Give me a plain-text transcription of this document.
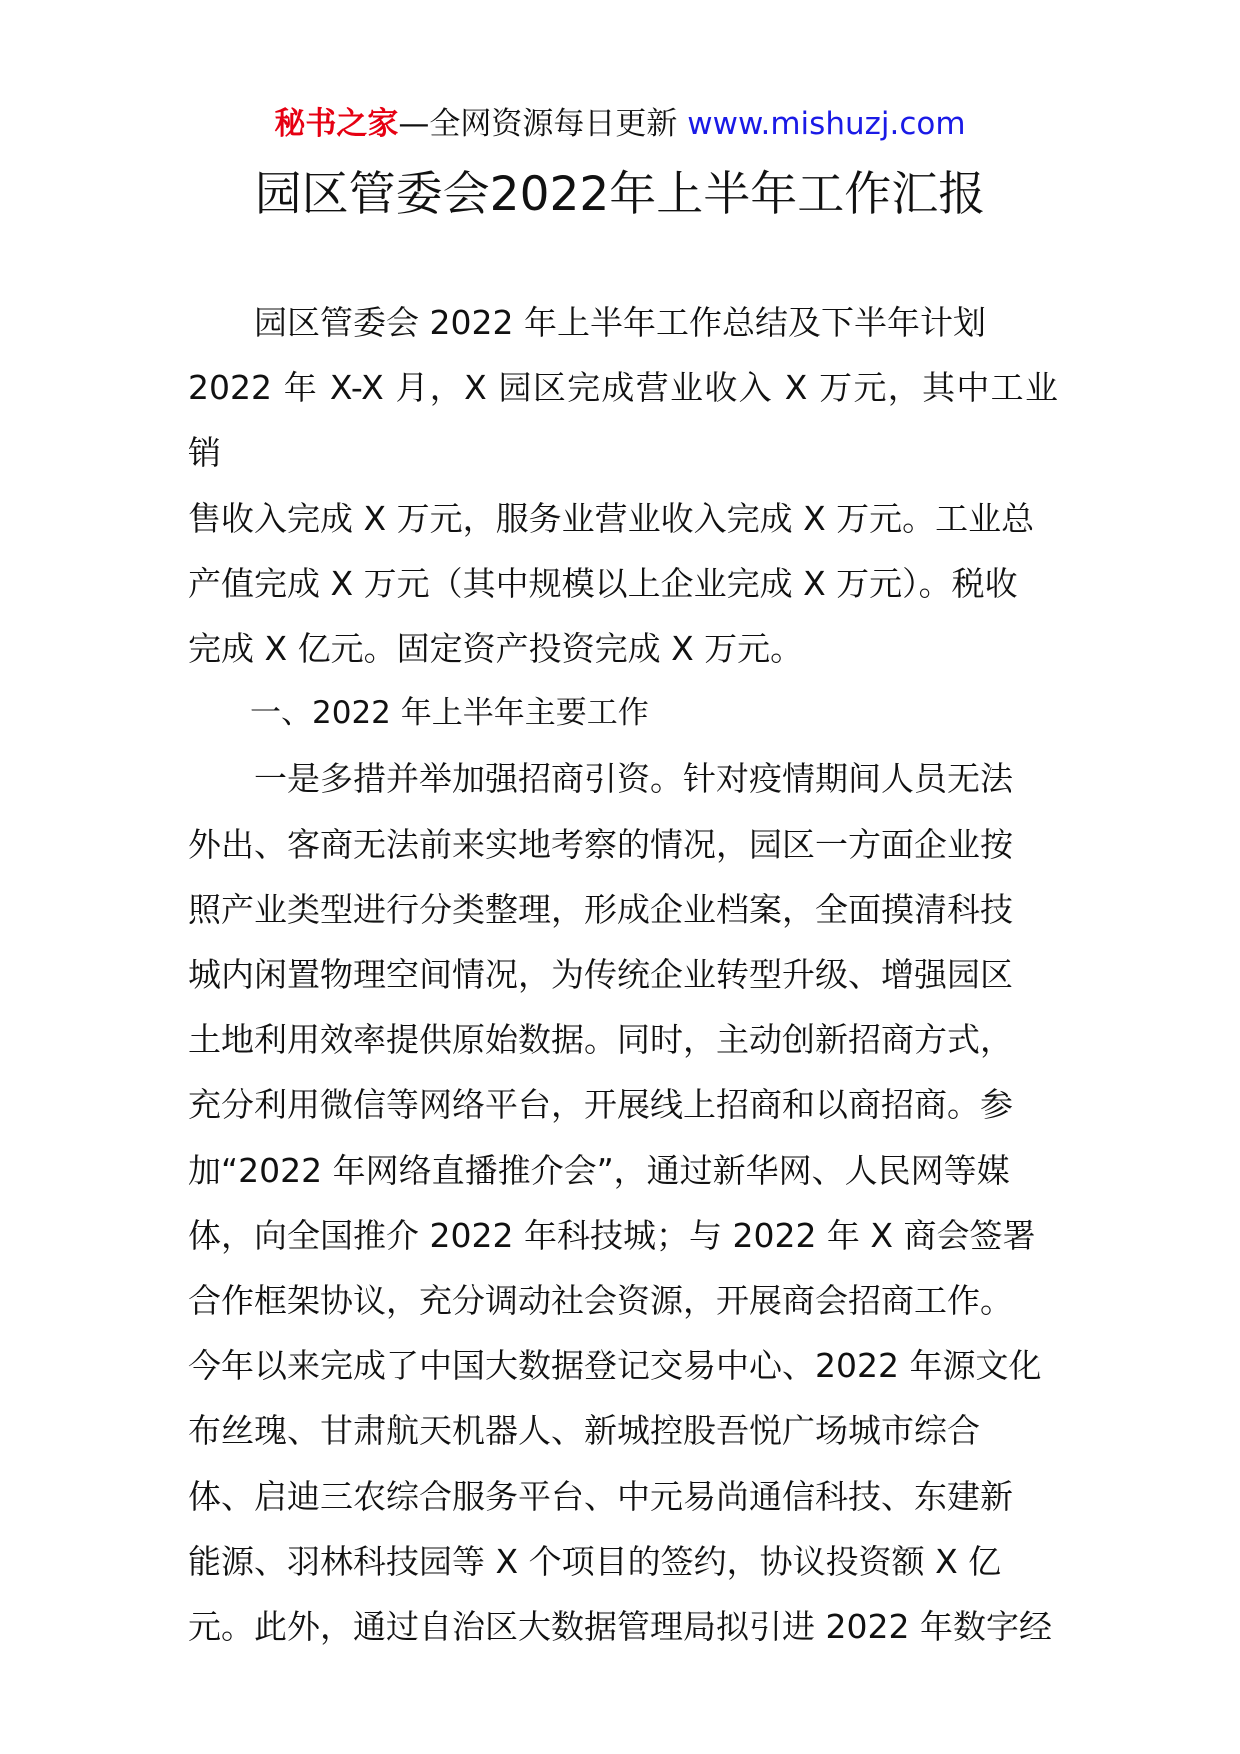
秘书之家—全网资源每日更新 www.mishuzj.com
园区管委会2022年上半年工作汇报

园区管委会 2022 年上半年工作总结及下半年计划

2022 年 X-X 月，X 园区完成营业收入 X 万元，其中工业销

售收入完成 X 万元，服务业营业收入完成 X 万元。工业总

产值完成 X 万元（其中规模以上企业完成 X 万元）。税收

完成 X 亿元。固定资产投资完成 X 万元。

一、2022 年上半年主要工作

一是多措并举加强招商引资。针对疫情期间人员无法

外出、客商无法前来实地考察的情况，园区一方面企业按

照产业类型进行分类整理，形成企业档案，全面摸清科技

城内闲置物理空间情况，为传统企业转型升级、增强园区

土地利用效率提供原始数据。同时，主动创新招商方式，

充分利用微信等网络平台，开展线上招商和以商招商。参

加“2022 年网络直播推介会”，通过新华网、人民网等媒

体，向全国推介 2022 年科技城；与 2022 年 X 商会签署

合作框架协议，充分调动社会资源，开展商会招商工作。

今年以来完成了中国大数据登记交易中心、2022 年源文化

布丝瑰、甘肃航天机器人、新城控股吾悦广场城市综合

体、启迪三农综合服务平台、中元易尚通信科技、东建新

能源、羽林科技园等 X 个项目的签约，协议投资额 X 亿

元。此外，通过自治区大数据管理局拟引进 2022 年数字经
